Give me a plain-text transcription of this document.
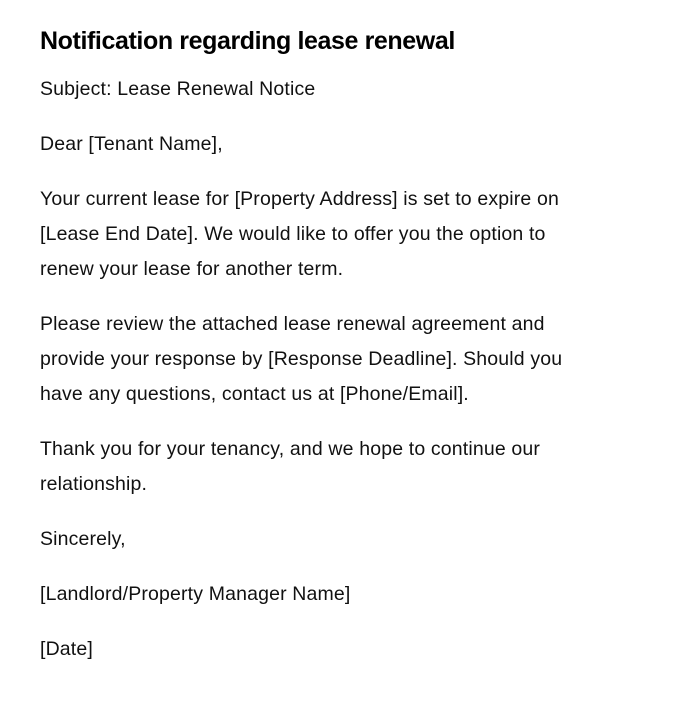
Notification regarding lease renewal

Subject: Lease Renewal Notice

Dear [Tenant Name],

Your current lease for [Property Address] is set to expire on
[Lease End Date]. We would like to offer you the option to
renew your lease for another term.

Please review the attached lease renewal agreement and
provide your response by [Response Deadline]. Should you
have any questions, contact us at [Phone/Email].

Thank you for your tenancy, and we hope to continue our
relationship.

Sincerely,

[Landlord/Property Manager Name]

[Date]
